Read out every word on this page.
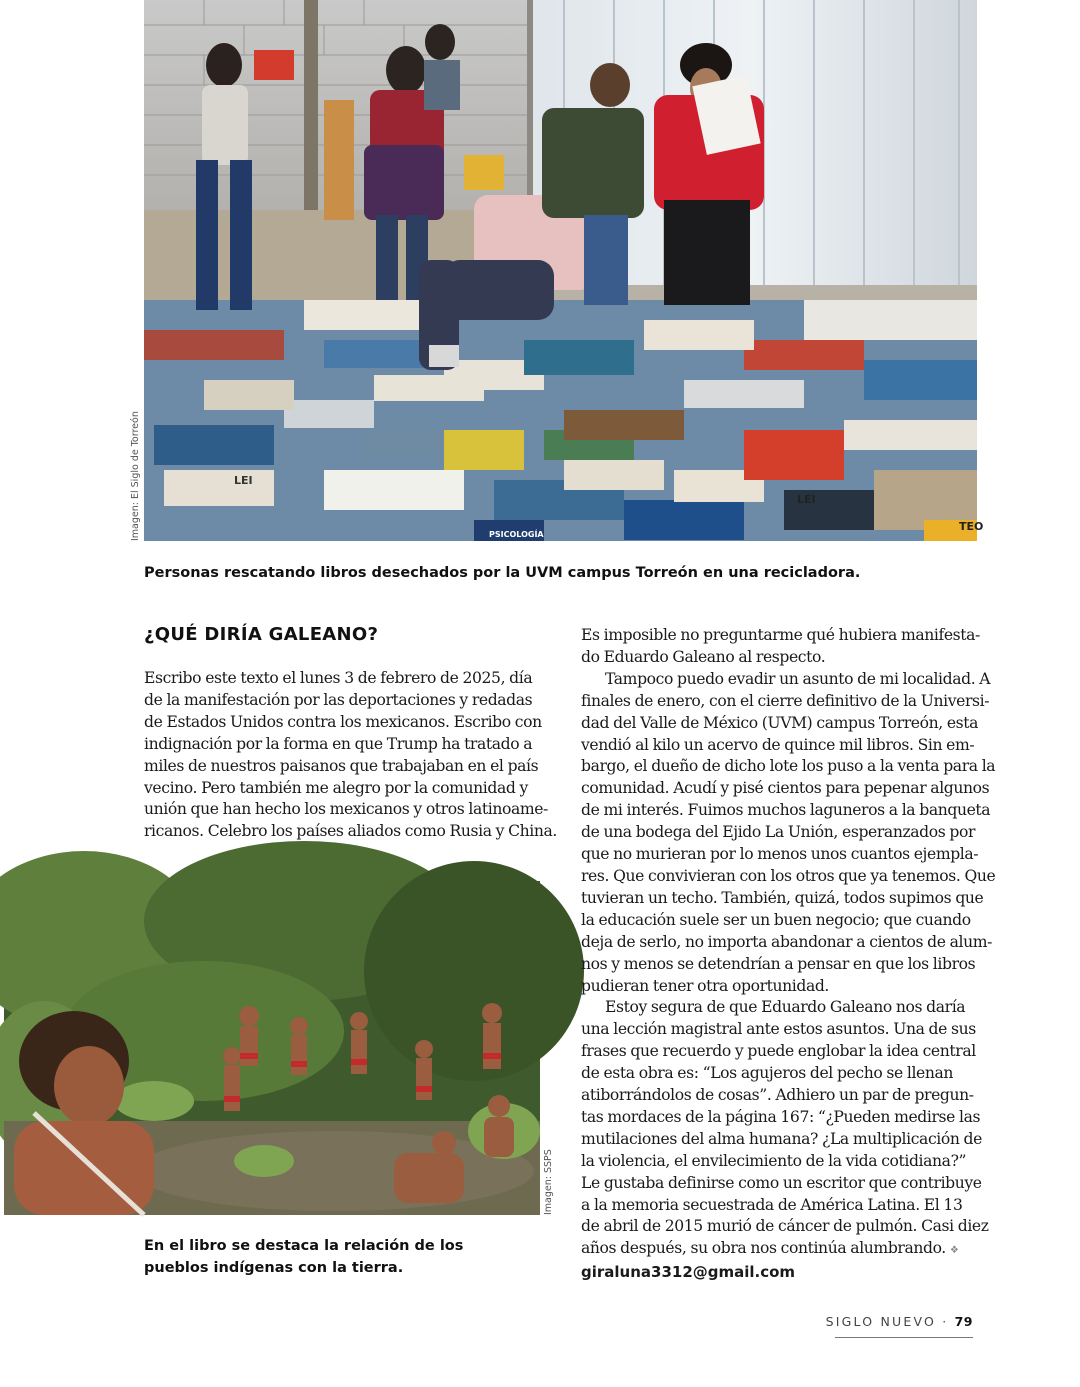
LEI
LEI
PSICOLOGÍA
TEO
Imagen: El Siglo de Torreón
Personas rescatando libros desechados por la UVM campus Torreón en una recicladora.
¿QUÉ DIRÍA GALEANO?
Escribo este texto el lunes 3 de febrero de 2025, día
de la manifestación por las deportaciones y redadas
de Estados Unidos contra los mexicanos. Escribo con
indignación por la forma en que Trump ha tratado a
miles de nuestros paisanos que trabajaban en el país
vecino. Pero también me alegro por la comunidad y
unión que han hecho los mexicanos y otros latinoame-
ricanos. Celebro los países aliados como Rusia y China.
Imagen: SSPS
En el libro se destaca la relación de los pueblos indígenas con la tierra.
Es imposible no preguntarme qué hubiera manifesta-
do Eduardo Galeano al respecto.
Tampoco puedo evadir un asunto de mi localidad. A
finales de enero, con el cierre definitivo de la Universi-
dad del Valle de México (UVM) campus Torreón, esta
vendió al kilo un acervo de quince mil libros. Sin em-
bargo, el dueño de dicho lote los puso a la venta para la
comunidad. Acudí y pisé cientos para pepenar algunos
de mi interés. Fuimos muchos laguneros a la banqueta
de una bodega del Ejido La Unión, esperanzados por
que no murieran por lo menos unos cuantos ejempla-
res. Que convivieran con los otros que ya tenemos. Que
tuvieran un techo. También, quizá, todos supimos que
la educación suele ser un buen negocio; que cuando
deja de serlo, no importa abandonar a cientos de alum-
nos y menos se detendrían a pensar en que los libros
pudieran tener otra oportunidad.
Estoy segura de que Eduardo Galeano nos daría
una lección magistral ante estos asuntos. Una de sus
frases que recuerdo y puede englobar la idea central
de esta obra es: “Los agujeros del pecho se llenan
atiborrándolos de cosas”. Adhiero un par de pregun-
tas mordaces de la página 167: “¿Pueden medirse las
mutilaciones del alma humana? ¿La multiplicación de
la violencia, el envilecimiento de la vida cotidiana?”
Le gustaba definirse como un escritor que contribuye
a la memoria secuestrada de América Latina. El 13
de abril de 2015 murió de cáncer de pulmón. Casi diez
años después, su obra nos continúa alumbrando. ❖
giraluna3312@gmail.com
SIGLO NUEVO · 79
